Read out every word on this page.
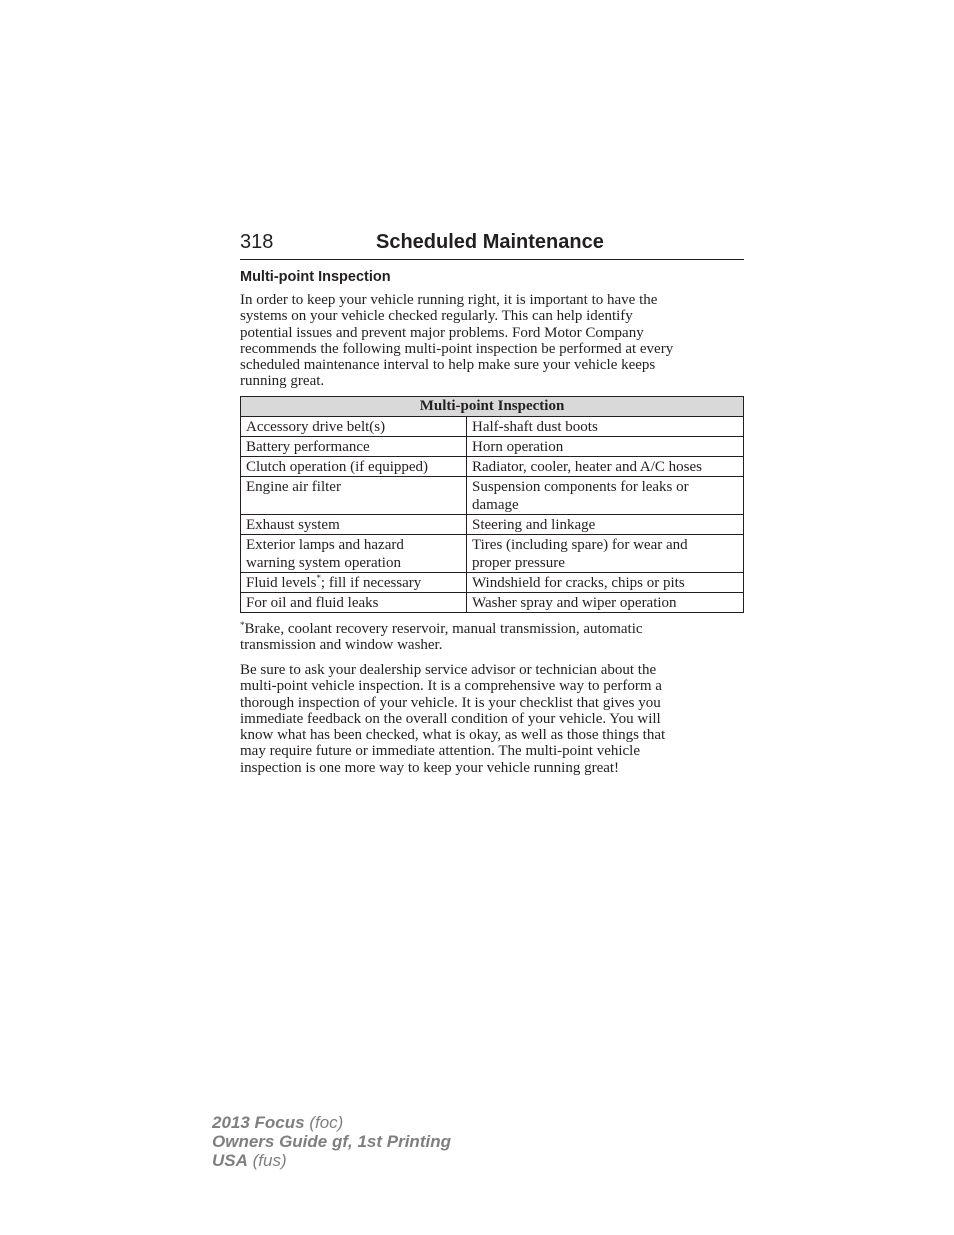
318	Scheduled Maintenance
Multi-point Inspection
In order to keep your vehicle running right, it is important to have the
systems on your vehicle checked regularly. This can help identify
potential issues and prevent major problems. Ford Motor Company
recommends the following multi-point inspection be performed at every
scheduled maintenance interval to help make sure your vehicle keeps
running great.
Multi-point Inspection	
Accessory drive belt(s)	Half-shaft dust boots
Battery performance	Horn operation
Clutch operation (if equipped)	Radiator, cooler, heater and A/C hoses
Engine air filter	Suspension components for leaks or
damage
Exhaust system	Steering and linkage
Exterior lamps and hazard
warning system operation	Tires (including spare) for wear and
proper pressure
Fluid levels*; fill if necessary	Windshield for cracks, chips or pits
For oil and fluid leaks	Washer spray and wiper operation
*Brake, coolant recovery reservoir, manual transmission, automatic
transmission and window washer.
Be sure to ask your dealership service advisor or technician about the
multi-point vehicle inspection. It is a comprehensive way to perform a
thorough inspection of your vehicle. It is your checklist that gives you
immediate feedback on the overall condition of your vehicle. You will
know what has been checked, what is okay, as well as those things that
may require future or immediate attention. The multi-point vehicle
inspection is one more way to keep your vehicle running great!
2013 Focus (foc)
Owners Guide gf, 1st Printing
USA (fus)
